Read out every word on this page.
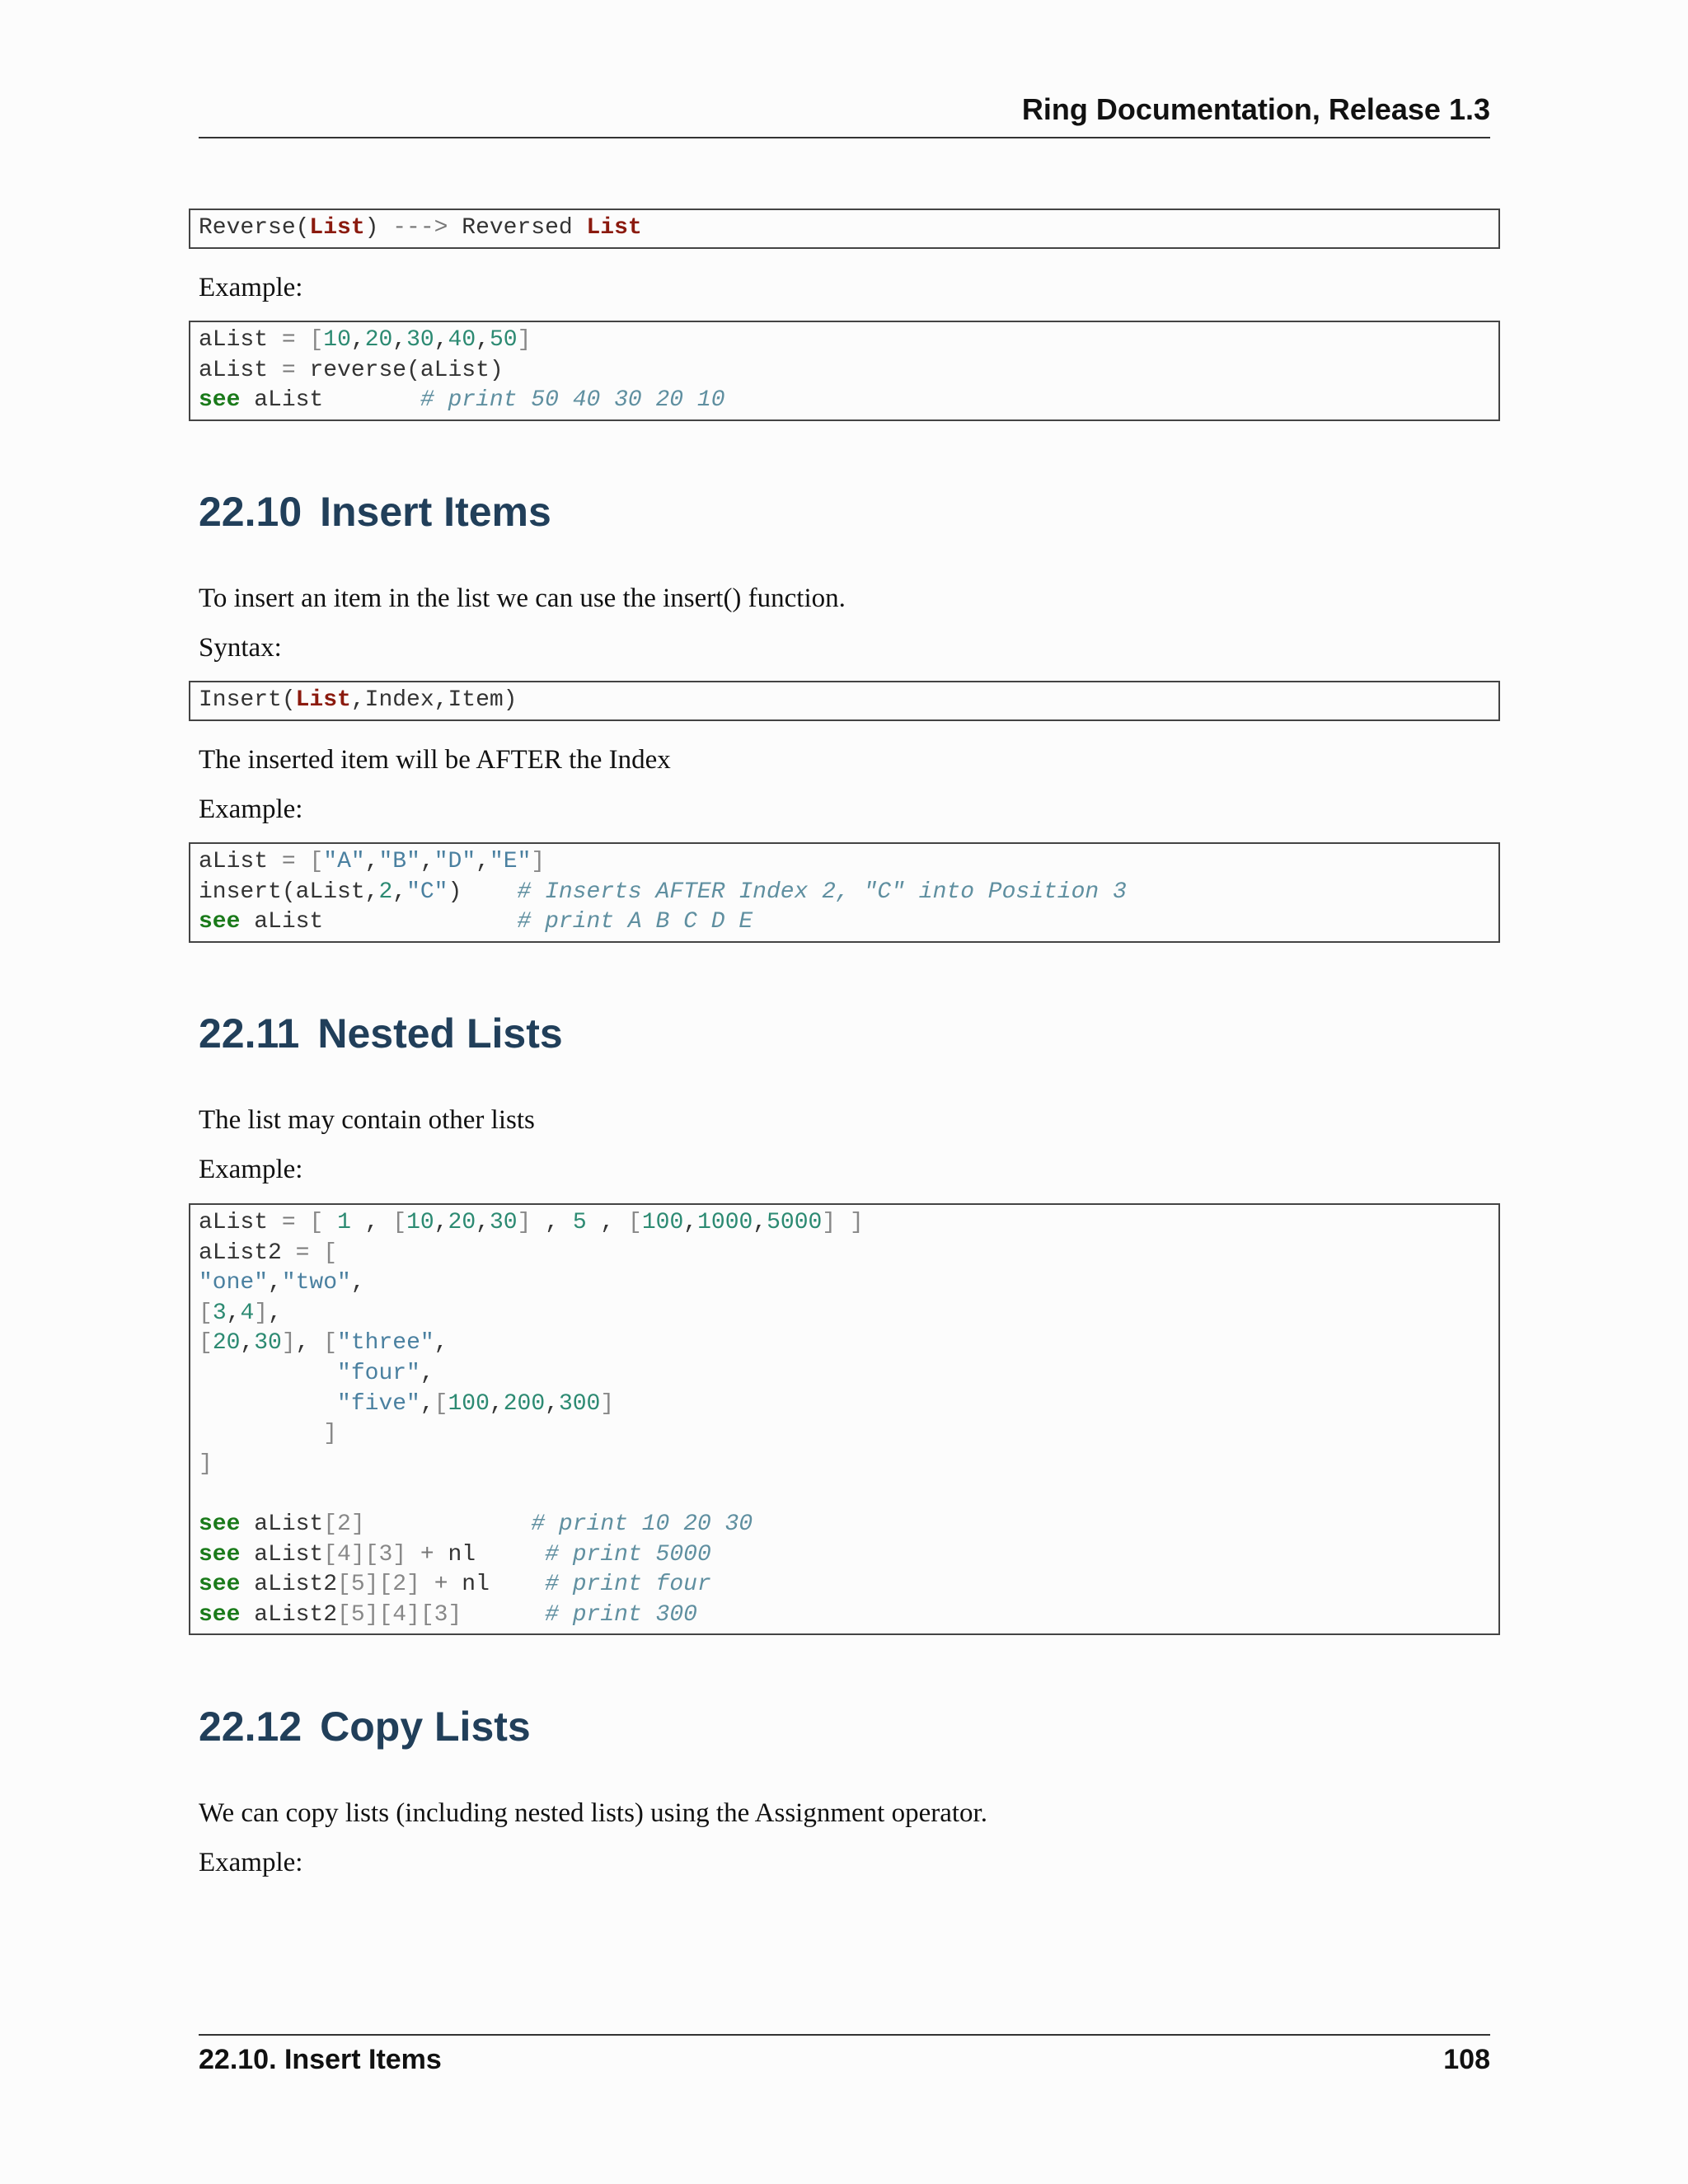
Ring Documentation, Release 1.3
Reverse(List) ---> Reversed List

Example:

aList = [10,20,30,40,50]
aList = reverse(aList)
see aList       # print 50 40 30 20 10
22.10 Insert Items

To insert an item in the list we can use the insert() function.

Syntax:

Insert(List,Index,Item)

The inserted item will be AFTER the Index

Example:

aList = ["A","B","D","E"]
insert(aList,2,"C")    # Inserts AFTER Index 2, "C" into Position 3
see aList              # print A B C D E
22.11 Nested Lists

The list may contain other lists

Example:

aList = [ 1 , [10,20,30] , 5 , [100,1000,5000] ]
aList2 = [
"one","two",
[3,4],
[20,30], ["three",
"four",
"five",[100,200,300]
]
]
see aList[2]	# print 10 20 30
see aList[4][3] + nl     # print 5000
see aList2[5][2] + nl    # print four
see aList2[5][4][3]	# print 300
22.12 Copy Lists

We can copy lists (including nested lists) using the Assignment operator.

Example:

22.10. Insert Items	108
